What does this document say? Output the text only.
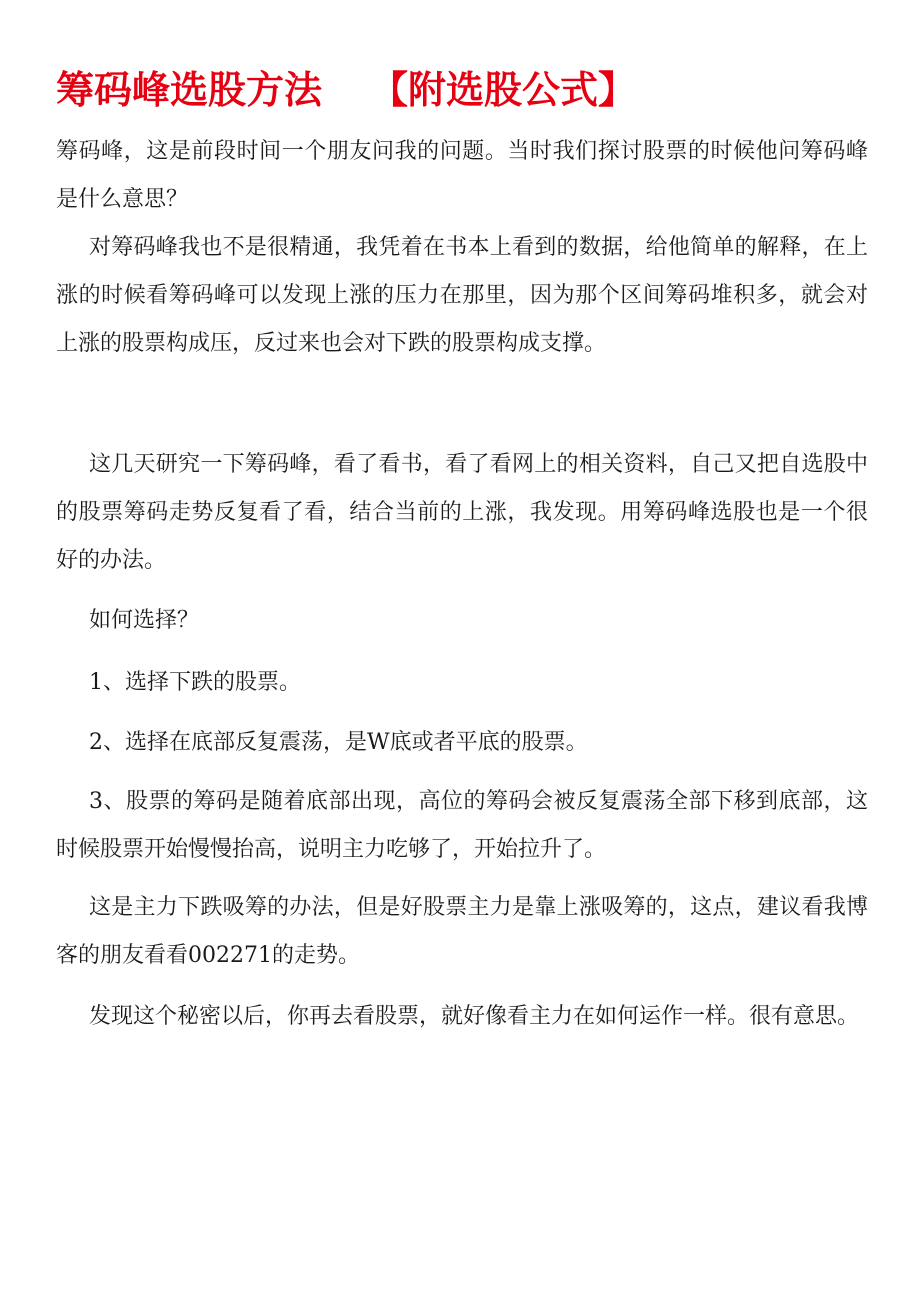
筹码峰选股方法 【附选股公式】

筹码峰，这是前段时间一个朋友问我的问题。当时我们探讨股票的时候他问筹码峰是什么意思？

对筹码峰我也不是很精通，我凭着在书本上看到的数据，给他简单的解释，在上涨的时候看筹码峰可以发现上涨的压力在那里，因为那个区间筹码堆积多，就会对上涨的股票构成压，反过来也会对下跌的股票构成支撑。

这几天研究一下筹码峰，看了看书，看了看网上的相关资料，自己又把自选股中的股票筹码走势反复看了看，结合当前的上涨，我发现。用筹码峰选股也是一个很好的办法。

如何选择？

1、选择下跌的股票。

2、选择在底部反复震荡，是W底或者平底的股票。

3、股票的筹码是随着底部出现，高位的筹码会被反复震荡全部下移到底部，这时候股票开始慢慢抬高，说明主力吃够了，开始拉升了。

这是主力下跌吸筹的办法，但是好股票主力是靠上涨吸筹的，这点，建议看我博客的朋友看看002271的走势。

发现这个秘密以后，你再去看股票，就好像看主力在如何运作一样。很有意思。
